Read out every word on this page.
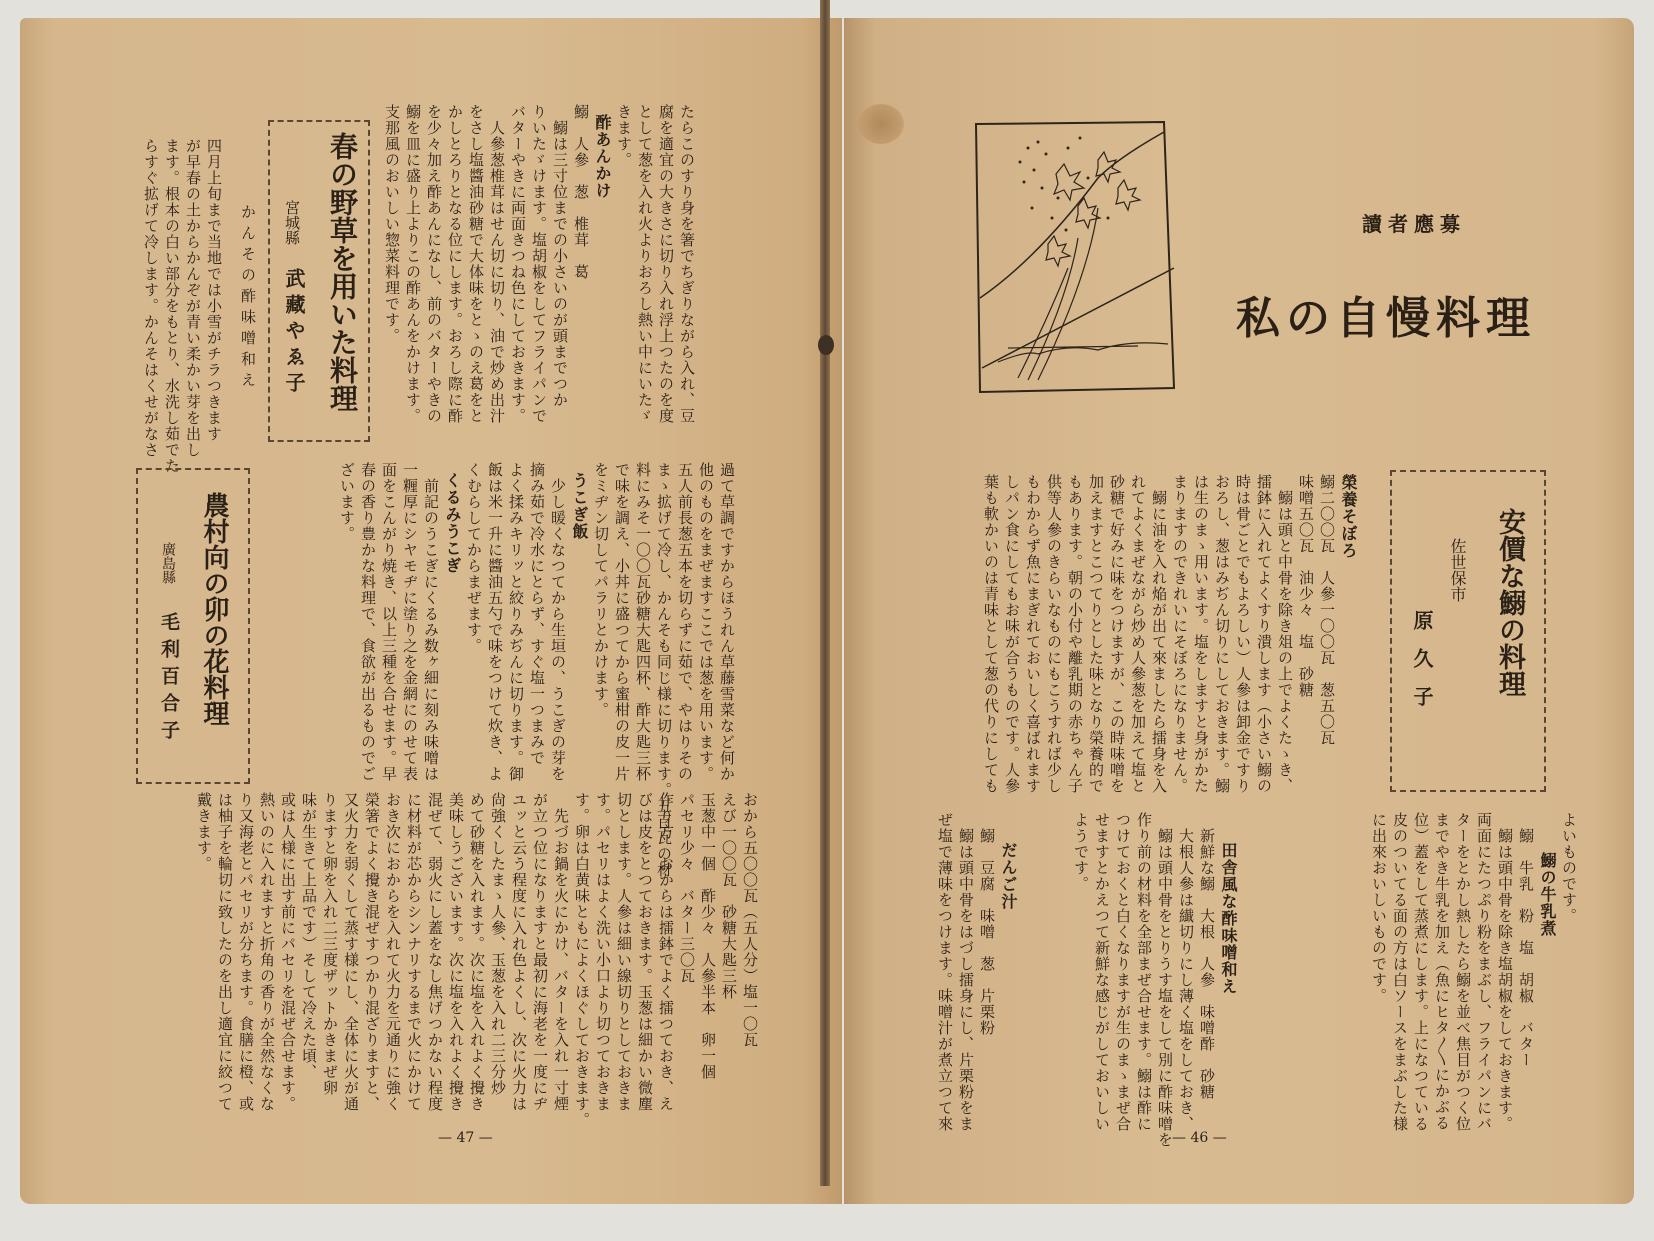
たらこのすり身を箸でちぎりながら入れ、豆
腐を適宜の大きさに切り入れ浮上つたのを度
として葱を入れ火よりおろし熱い中にいたゞ
きます。
酢あんかけ
鰯　人參　葱　椎茸　葛
　鰯は三寸位までの小さいのが頭までつか
りいたゞけます。塩胡椒をしてフライパンで
バターやきに両面きつね色にしておきます。
　人參葱椎茸はせん切に切り、油で炒め出汁
をさし塩醬油砂糖で大体味をとゝのえ葛をと
かしとろりとなる位にします。おろし際に酢
を少々加え酢あんになし、前のバターやきの
鰯を皿に盛り上よりこの酢あんをかけます。
支那風のおいしい惣菜料理です。

春の野草を用いた料理
宮城縣
武藏やゑ子
かんその酢味噌和え
四月上旬まで当地では小雪がチラつきます
が早春の土からかんぞが青い柔かい芽を出し
ます。根本の白い部分をもとり、水洗し茹でた
らすぐ拡げて冷します。かんそはくせがなさ

過て草調ですからほうれん草藤雪菜など何か
他のものをまぜますここでは葱を用います。
五人前長葱五本を切らずに茹で、やはりその
まゝ拡げて冷し、かんそも同じ様に切ります。五百瓦の材
料にみそ一〇〇瓦砂糖大匙四杯、酢大匙三杯
で味を調え、小丼に盛つてから蜜柑の皮一片
をミヂン切してパラリとかけます。
うこぎ飯
　少し暖くなつてから生垣の、うこぎの芽を
摘み茹で冷水にとらず、すぐ塩一つまみで
よく揉みキリッと絞りみぢんに切ります。御
飯は米一升に醬油五勺で味をつけて炊き、よ
くむらしてからまぜます。
くるみうこぎ
　前記のうこぎにくるみ数ヶ細に刻み味噌は
一糎厚にシヤモヂに塗り之を金網にのせて表
面をこんがり焼き、以上三種を合せます。早
春の香り豊かな料理で、食欲が出るものでご
ざいます。

農村向の卯の花料理
廣島縣
毛利百合子
おから五〇〇瓦（五人分）塩一〇瓦
えび一〇〇瓦　砂糖大匙三杯
玉葱中一個　酢少々　人參半本　卵一個
パセリ少々　バター三〇瓦
作り方　おからは擂鉢でよく擂つておき、え
びは皮をとつておきます。玉葱は細かい微塵
切とします。人參は細い線切りとしておきま
す。パセリはよく洗い小口より切つておきま
す。卵は白黄味ともによくほぐしておきます。
　先づお鍋を火にかけ、バターを入れ一寸煙
が立つ位になりますと最初に海老を一度にヂ
ユッと云う程度に入れ色よくし、次に火力は
尙強くしたまゝ人參、玉葱を入れ二三分炒
めて砂糖を入れます。次に塩を入れよく攪き
美味しうございます。次に塩を入れよく攪き
混ぜて、弱火にし蓋をなし焦げつかない程度
に材料が芯からシンナリするまで火にかけて
おき次におからを入れて火力を元通りに強く
榮箸でよく攪き混ぜすつかり混ざりますと、
又火力を弱くして蒸す様にし、全体に火が通
りますと卵を入れ二三度ザットかきまぜ卵
味が生きて上品です）そして冷えた頃、
或は人様に出す前にパセリを混ぜ合せます。
熱いのに入れますと折角の香りが全然なくな
り又海老とパセリが分ちます。食膳に橙、或
は柚子を輪切に致したのを出し適宜に絞つて
戴きます。
— 47 —
讀者應募
私の自慢料理
安價な鰯の料理
佐世保市
原久子

榮養そぼろ
鰯二〇〇瓦　人參一〇〇瓦　葱五〇瓦
味噌五〇瓦　油少々　塩　砂糖
　鰯は頭と中骨を除き俎の上でよくたゝき、
擂鉢に入れてよくすり潰します（小さい鰯の
時は骨ごとでもよろしい）人參は卸金ですり
おろし、葱はみぢん切りにしておきます。鰯
は生のまゝ用います。塩をしますと身がかた
まりますのできれいにそぼろになりません。
　鰯に油を入れ焔が出て來ましたら擂身を入
れてよくまぜながら炒め人參葱を加えて塩と
砂糖で好みに味をつけますが、この時味噌を
加えますとこつてりとした味となり榮養的で
もあります。朝の小付や離乳期の赤ちゃん子
供等人參のきらいなものにもこうすれば少し
もわからず魚にまぎれておいしく喜ばれます
しパン食にしてもお味が合うものです。人參
葉も軟かいのは青味として葱の代りにしても

よいものです。
鰯の牛乳煮
　鰯　牛乳　粉　塩　胡椒　バター
　鰯は頭中骨を除き塩胡椒をしておきます。
両面にたつぷり粉をまぶし、フライパンにバ
ターをとかし熱したら鰯を並べ焦目がつく位
までやき牛乳を加え（魚にヒタ〳〵にかぶる
位）蓋をして蒸煮にします。上になつている
皮のついてる面の方は白ソースをまぶした様
に出來おいしいものです。

田舎風な酢味噌和え
　新鮮な鰯　大根　人參　味噌酢　砂糖
　大根人參は纎切りにし薄く塩をしておき、
　鰯は頭中骨をとりうす塩をして別に酢味噌を
作り前の材料を全部まぜ合せます。鰯は酢に
つけておくと白くなりますが生のまゝまぜ合
せますとかえつて新鮮な感じがしておいしい
ようです。

だんご汁
　鰯　豆腐　味噌　葱　片栗粉
　鰯は頭中骨をはづし擂身にし、片栗粉をま
ぜ塩で薄味をつけます。味噌汁が煮立つて來

— 46 —
